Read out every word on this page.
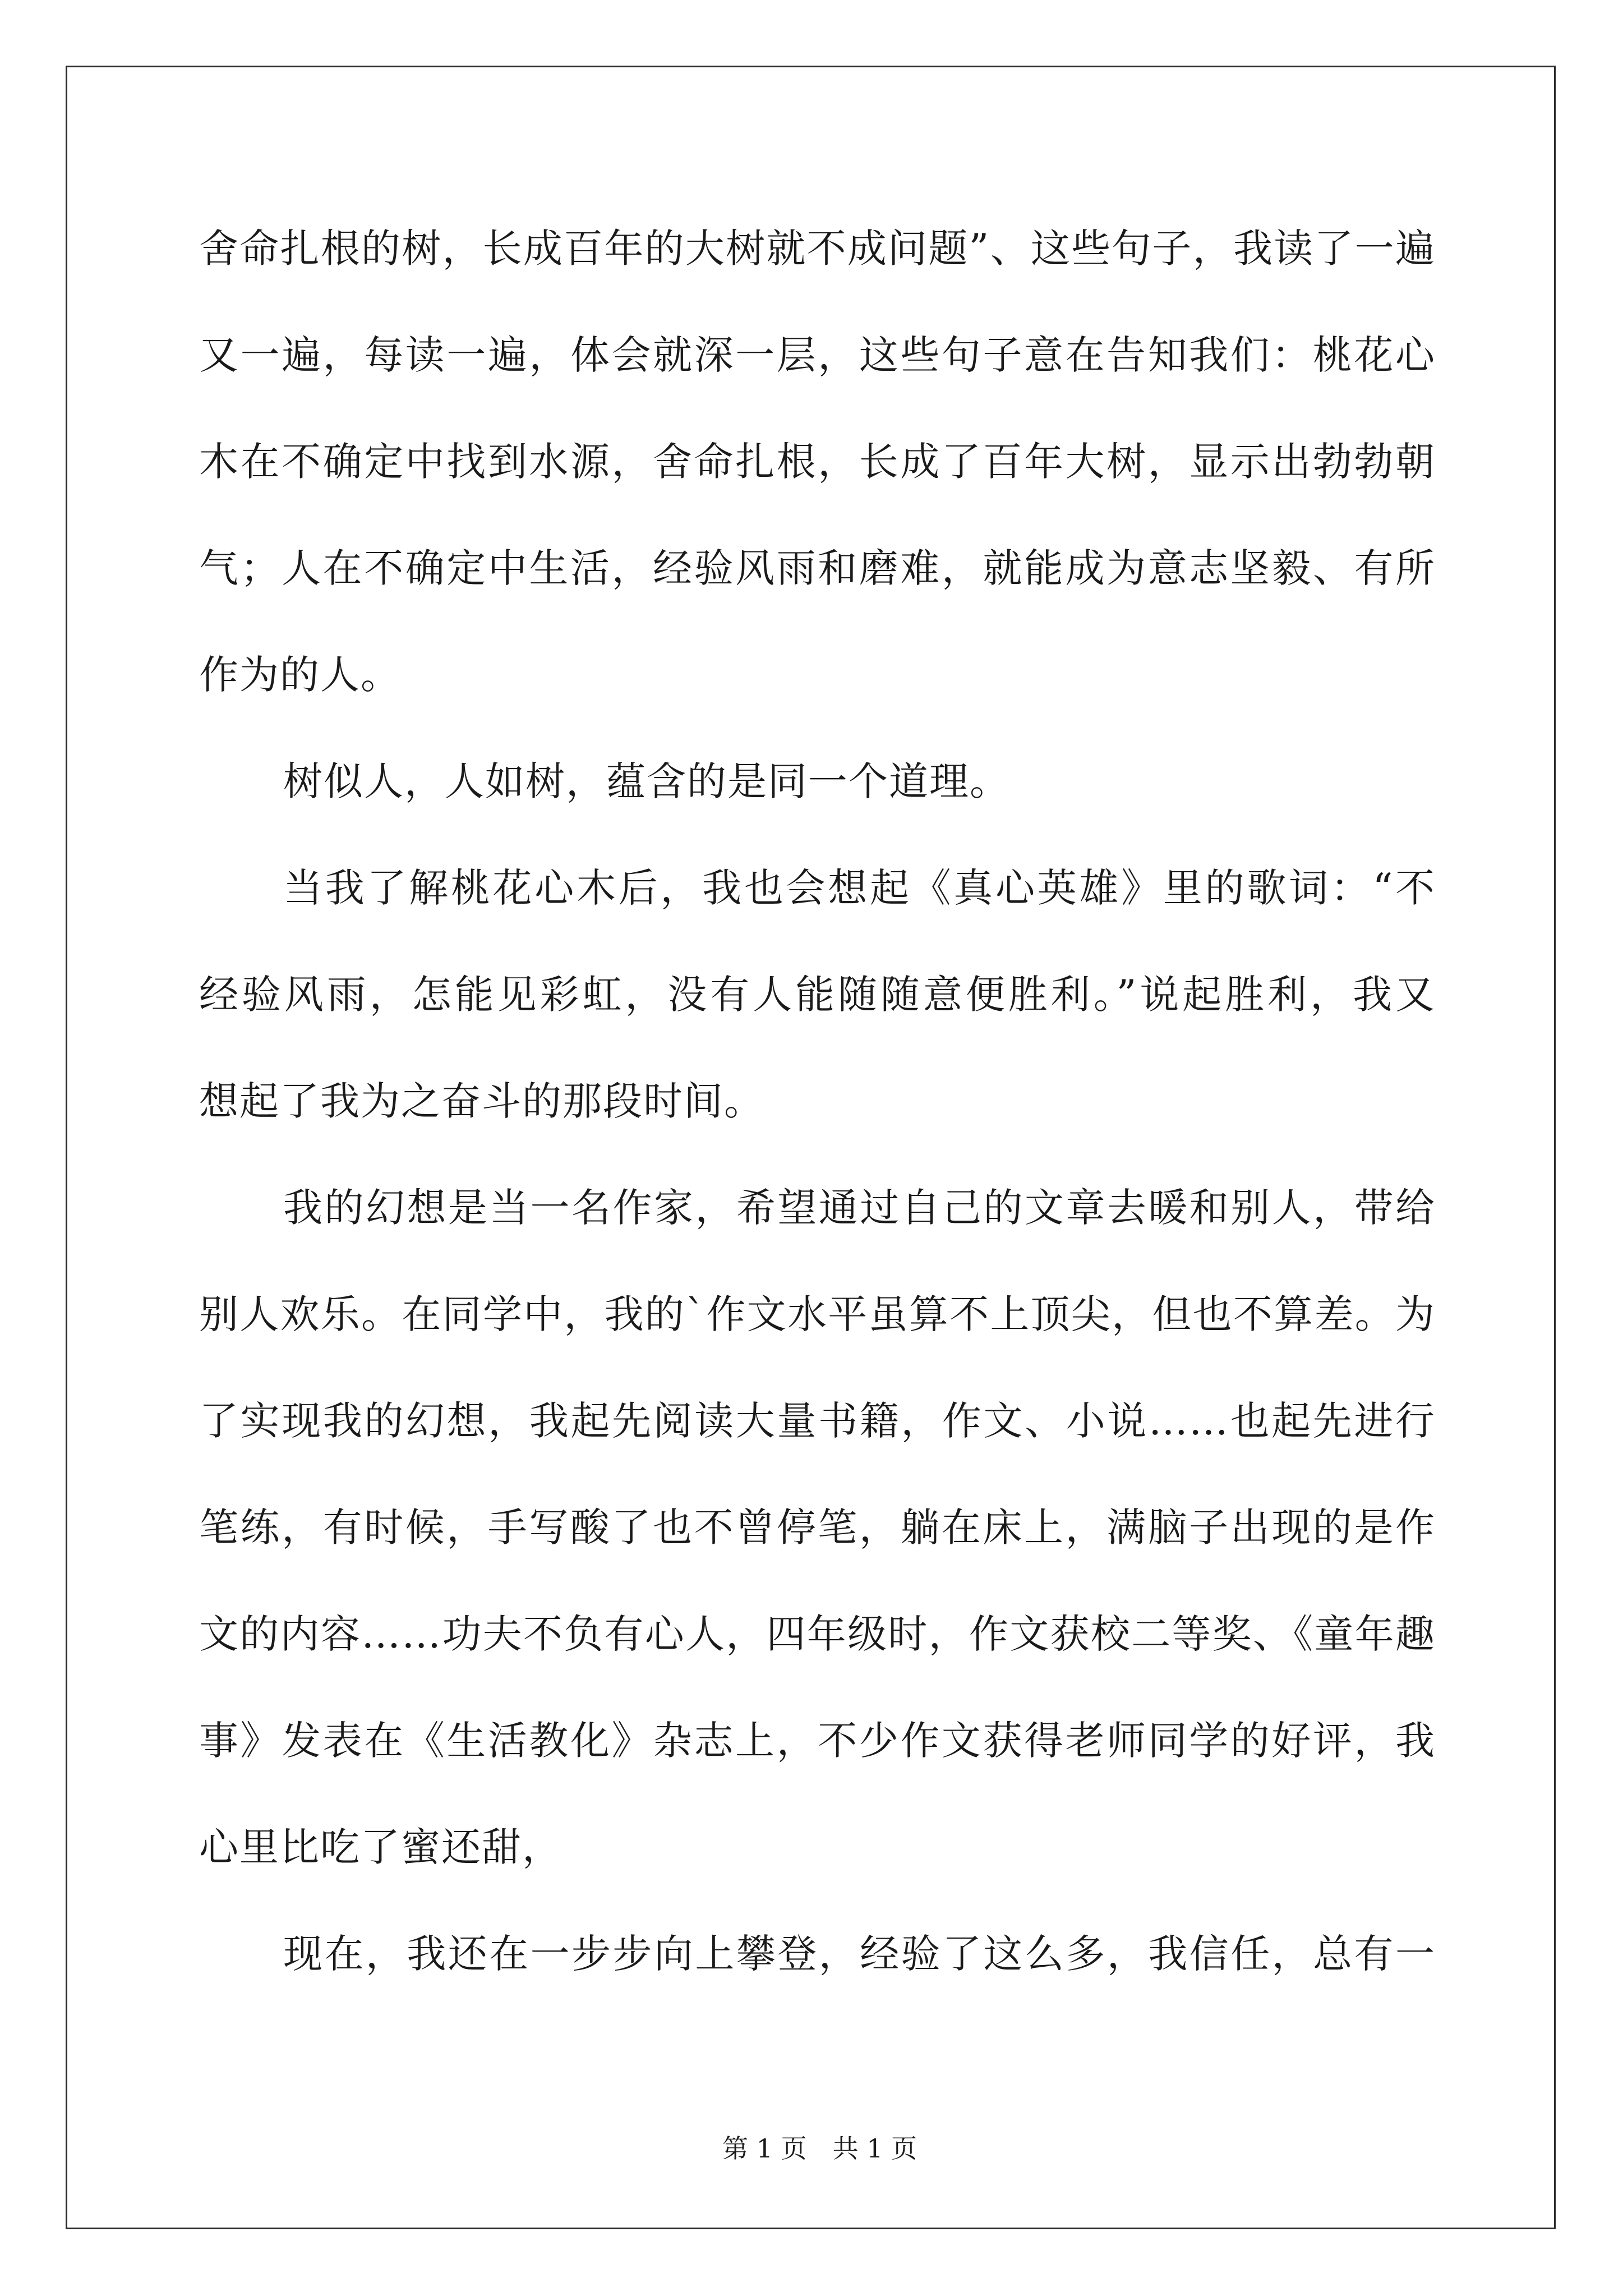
舍命扎根的树，长成百年的大树就不成问题”、这些句子，我读了一遍
又一遍，每读一遍，体会就深一层，这些句子意在告知我们：桃花心
木在不确定中找到水源，舍命扎根，长成了百年大树，显示出勃勃朝
气；人在不确定中生活，经验风雨和磨难，就能成为意志坚毅、有所
作为的人。
树似人，人如树，蕴含的是同一个道理。
当我了解桃花心木后，我也会想起《真心英雄》里的歌词：“不
经验风雨，怎能见彩虹，没有人能随随意便胜利。”说起胜利，我又
想起了我为之奋斗的那段时间。
我的幻想是当一名作家，希望通过自己的文章去暖和别人，带给
别人欢乐。在同学中，我的`作文水平虽算不上顶尖，但也不算差。为
了实现我的幻想，我起先阅读大量书籍，作文、小说……也起先进行
笔练，有时候，手写酸了也不曾停笔，躺在床上，满脑子出现的是作
文的内容……功夫不负有心人，四年级时，作文获校二等奖、《童年趣
事》发表在《生活教化》杂志上，不少作文获得老师同学的好评，我
心里比吃了蜜还甜，
现在，我还在一步步向上攀登，经验了这么多，我信任，总有一

第 1 页　共 1 页
